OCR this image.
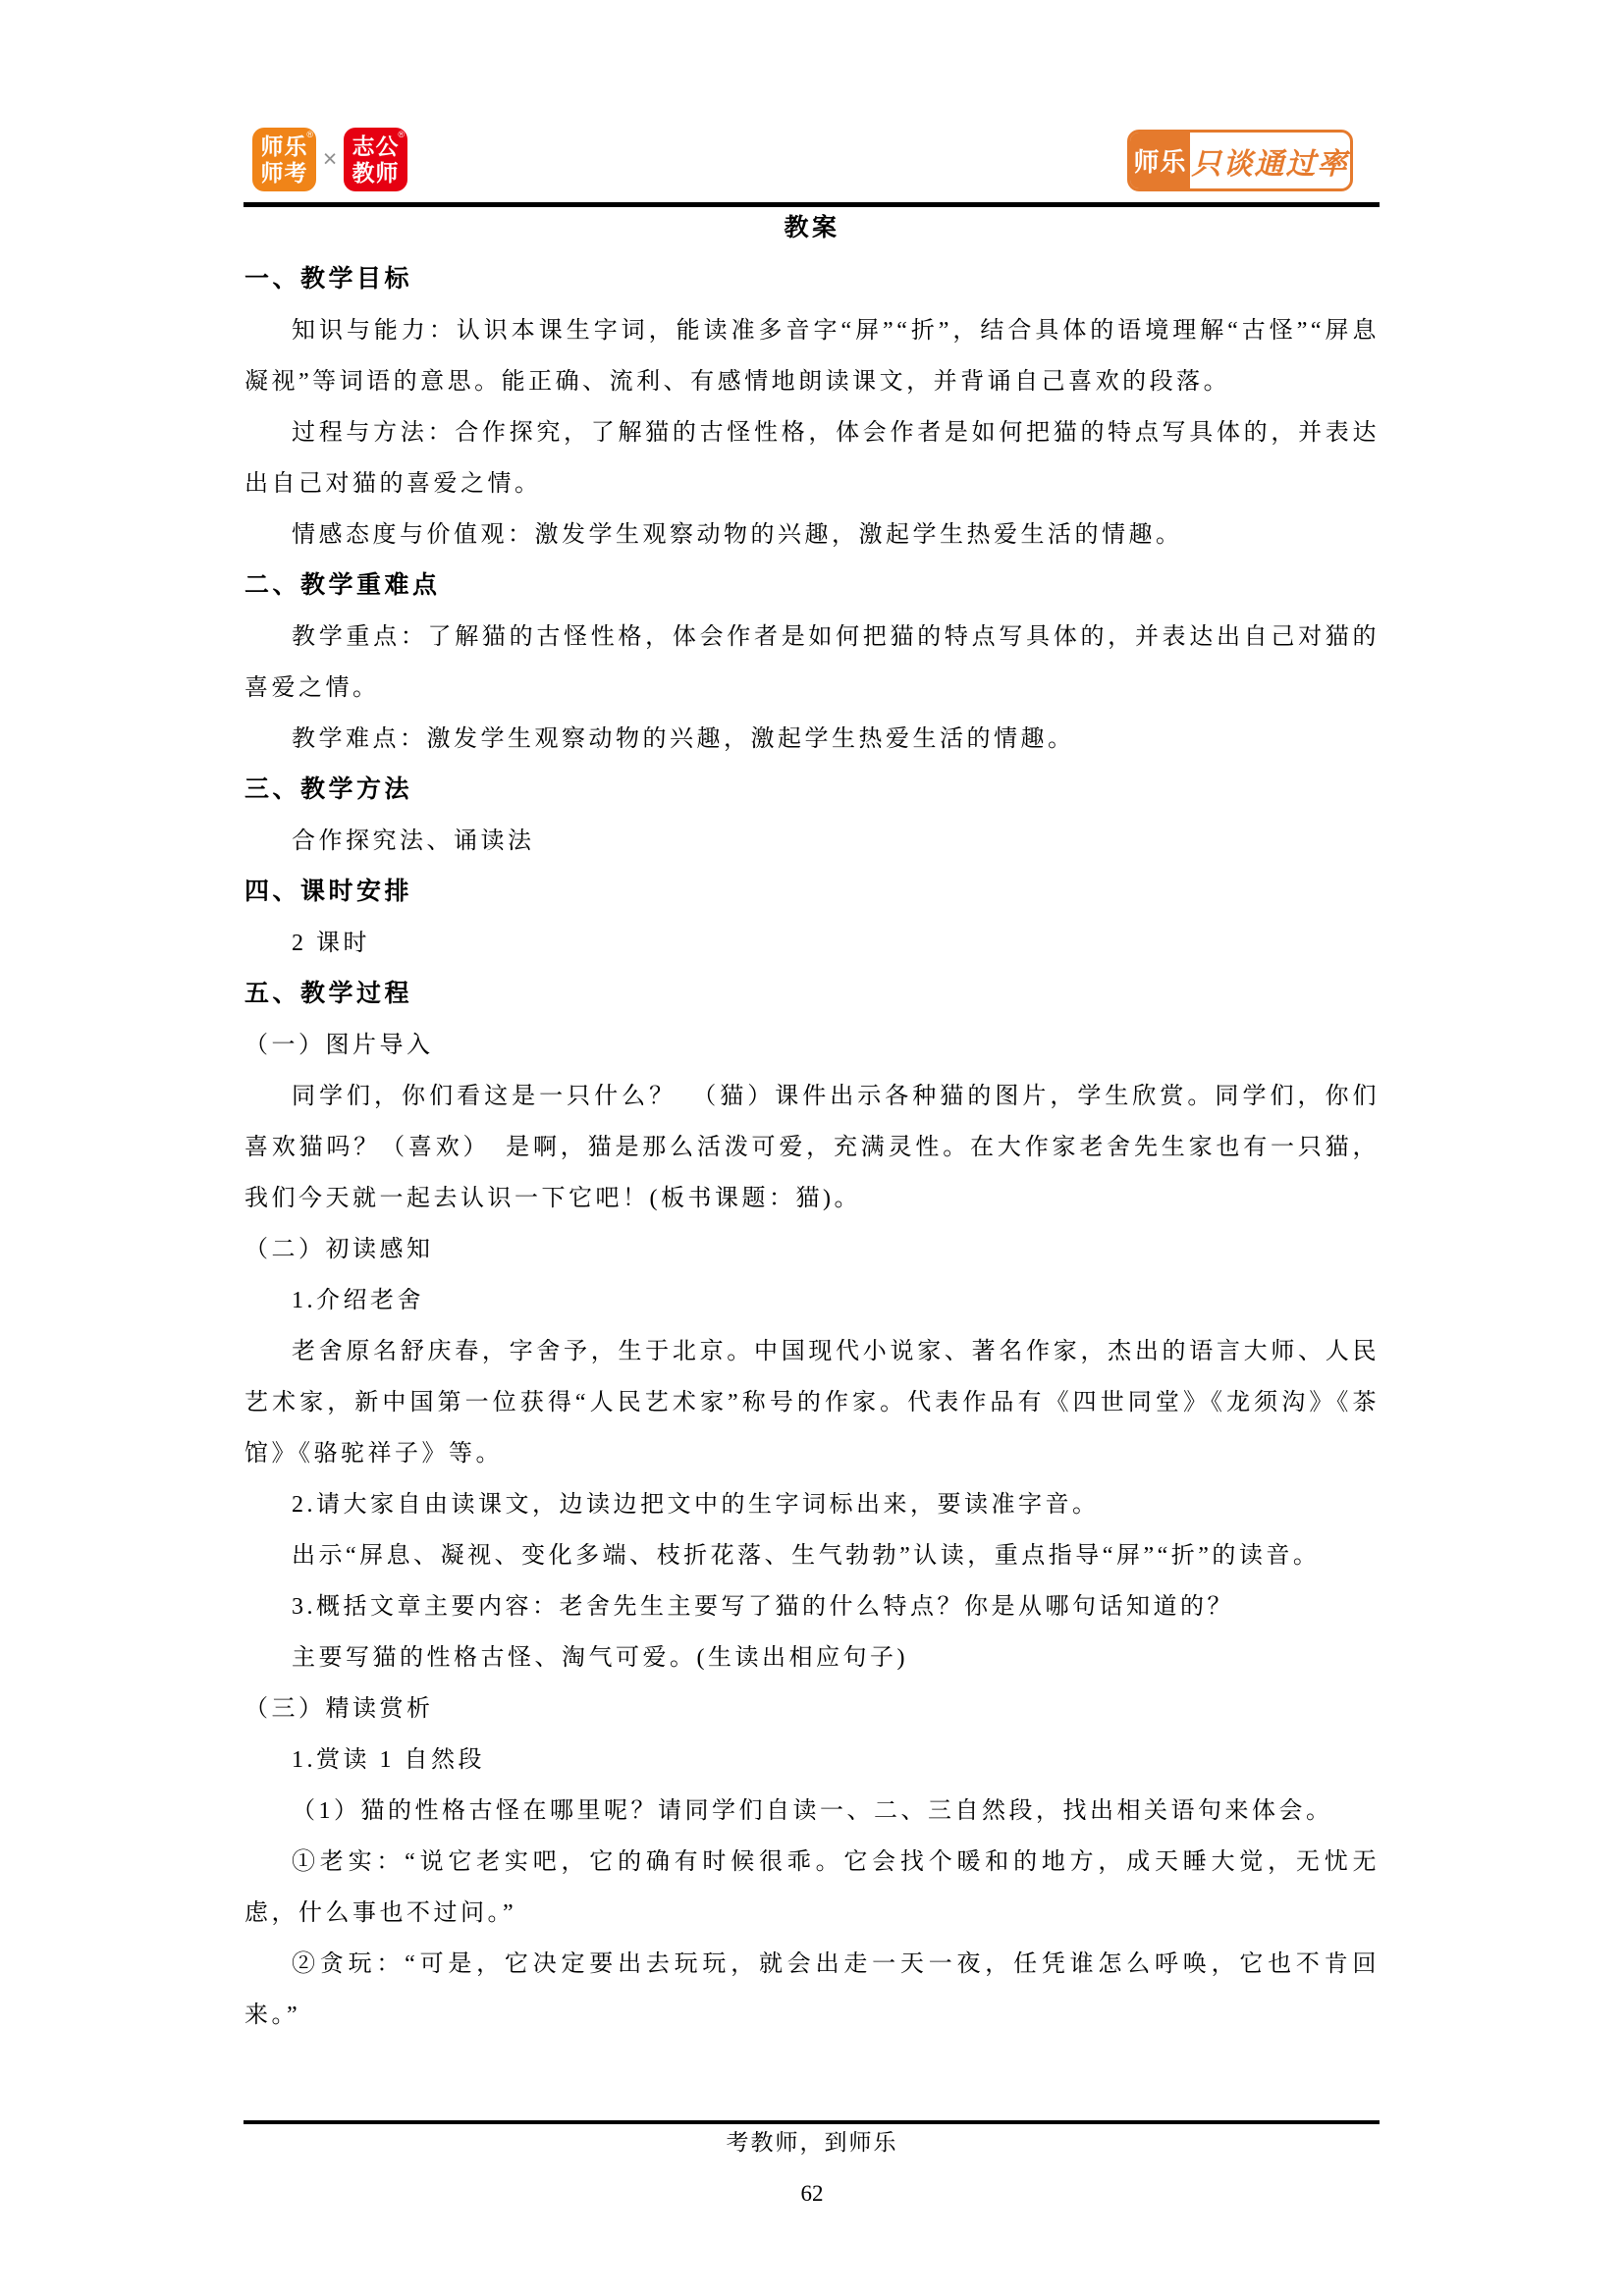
®
师乐
师考 ×
®
志公
教师	师乐 只谈通过率
教案
一、教学目标
知识与能力：认识本课生字词，能读准多音字“屏”“折”，结合具体的语境理解“古怪”“屏息凝视”等词语的意思。能正确、流利、有感情地朗读课文，并背诵自己喜欢的段落。
过程与方法：合作探究，了解猫的古怪性格，体会作者是如何把猫的特点写具体的，并表达出自己对猫的喜爱之情。
情感态度与价值观：激发学生观察动物的兴趣，激起学生热爱生活的情趣。
二、教学重难点
教学重点：了解猫的古怪性格，体会作者是如何把猫的特点写具体的，并表达出自己对猫的喜爱之情。
教学难点：激发学生观察动物的兴趣，激起学生热爱生活的情趣。
三、教学方法
合作探究法、诵读法
四、课时安排
2 课时
五、教学过程
（一）图片导入
同学们，你们看这是一只什么？　（猫）课件出示各种猫的图片，学生欣赏。同学们，你们喜欢猫吗？（喜欢）　是啊，猫是那么活泼可爱，充满灵性。在大作家老舍先生家也有一只猫，我们今天就一起去认识一下它吧！(板书课题：猫)。
（二）初读感知
1.介绍老舍
老舍原名舒庆春，字舍予，生于北京。中国现代小说家、著名作家，杰出的语言大师、人民艺术家，新中国第一位获得“人民艺术家”称号的作家。代表作品有《四世同堂》《龙须沟》《茶馆》《骆驼祥子》等。
2.请大家自由读课文，边读边把文中的生字词标出来，要读准字音。
出示“屏息、凝视、变化多端、枝折花落、生气勃勃”认读，重点指导“屏”“折”的读音。
3.概括文章主要内容：老舍先生主要写了猫的什么特点？你是从哪句话知道的？
主要写猫的性格古怪、淘气可爱。(生读出相应句子)
（三）精读赏析
1.赏读 1 自然段
（1）猫的性格古怪在哪里呢？请同学们自读一、二、三自然段，找出相关语句来体会。
①老实：“说它老实吧，它的确有时候很乖。它会找个暖和的地方，成天睡大觉，无忧无虑，什么事也不过问。”
②贪玩：“可是，它决定要出去玩玩，就会出走一天一夜，任凭谁怎么呼唤，它也不肯回来。”
考教师，到师乐
62
